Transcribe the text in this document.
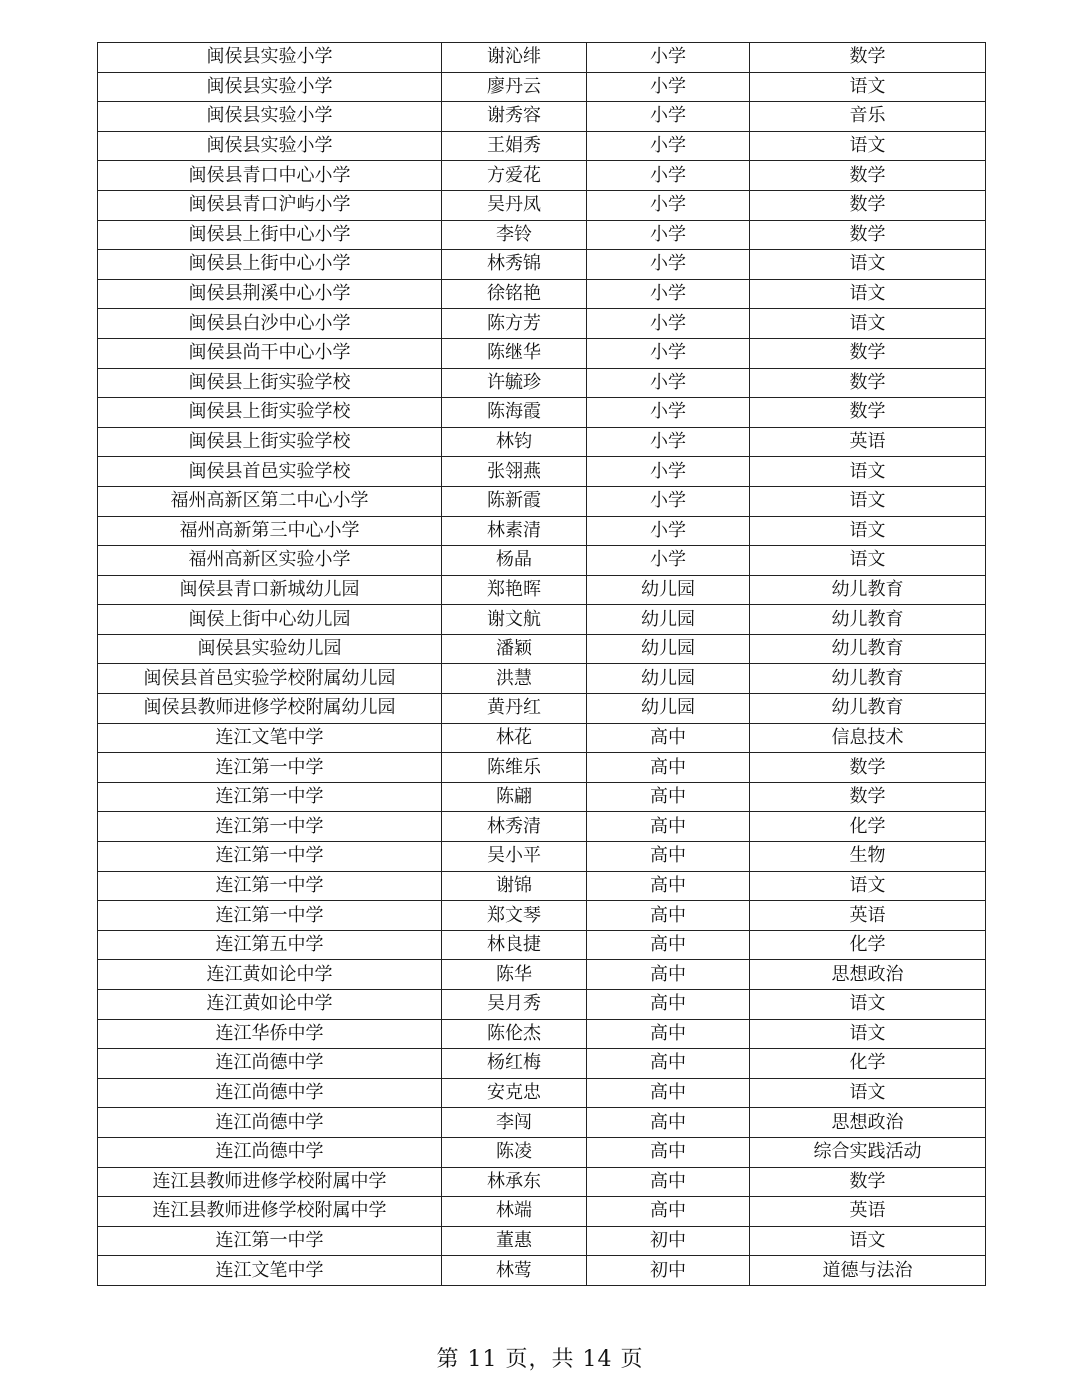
闽侯县实验小学	谢沁绯	小学	数学
闽侯县实验小学	廖丹云	小学	语文
闽侯县实验小学	谢秀容	小学	音乐
闽侯县实验小学	王娟秀	小学	语文
闽侯县青口中心小学	方爱花	小学	数学
闽侯县青口沪屿小学	吴丹凤	小学	数学
闽侯县上街中心小学	李铃	小学	数学
闽侯县上街中心小学	林秀锦	小学	语文
闽侯县荆溪中心小学	徐铭艳	小学	语文
闽侯县白沙中心小学	陈方芳	小学	语文
闽侯县尚干中心小学	陈继华	小学	数学
闽侯县上街实验学校	许毓珍	小学	数学
闽侯县上街实验学校	陈海霞	小学	数学
闽侯县上街实验学校	林钧	小学	英语
闽侯县首邑实验学校	张翎燕	小学	语文
福州高新区第二中心小学	陈新霞	小学	语文
福州高新第三中心小学	林素清	小学	语文
福州高新区实验小学	杨晶	小学	语文
闽侯县青口新城幼儿园	郑艳晖	幼儿园	幼儿教育
闽侯上街中心幼儿园	谢文航	幼儿园	幼儿教育
闽侯县实验幼儿园	潘颖	幼儿园	幼儿教育
闽侯县首邑实验学校附属幼儿园	洪慧	幼儿园	幼儿教育
闽侯县教师进修学校附属幼儿园	黄丹红	幼儿园	幼儿教育
连江文笔中学	林花	高中	信息技术
连江第一中学	陈维乐	高中	数学
连江第一中学	陈翩	高中	数学
连江第一中学	林秀清	高中	化学
连江第一中学	吴小平	高中	生物
连江第一中学	谢锦	高中	语文
连江第一中学	郑文琴	高中	英语
连江第五中学	林良捷	高中	化学
连江黄如论中学	陈华	高中	思想政治
连江黄如论中学	吴月秀	高中	语文
连江华侨中学	陈伦杰	高中	语文
连江尚德中学	杨红梅	高中	化学
连江尚德中学	安克忠	高中	语文
连江尚德中学	李闯	高中	思想政治
连江尚德中学	陈凌	高中	综合实践活动
连江县教师进修学校附属中学	林承东	高中	数学
连江县教师进修学校附属中学	林端	高中	英语
连江第一中学	董惠	初中	语文
连江文笔中学	林莺	初中	道德与法治
第 11 页，共 14 页
